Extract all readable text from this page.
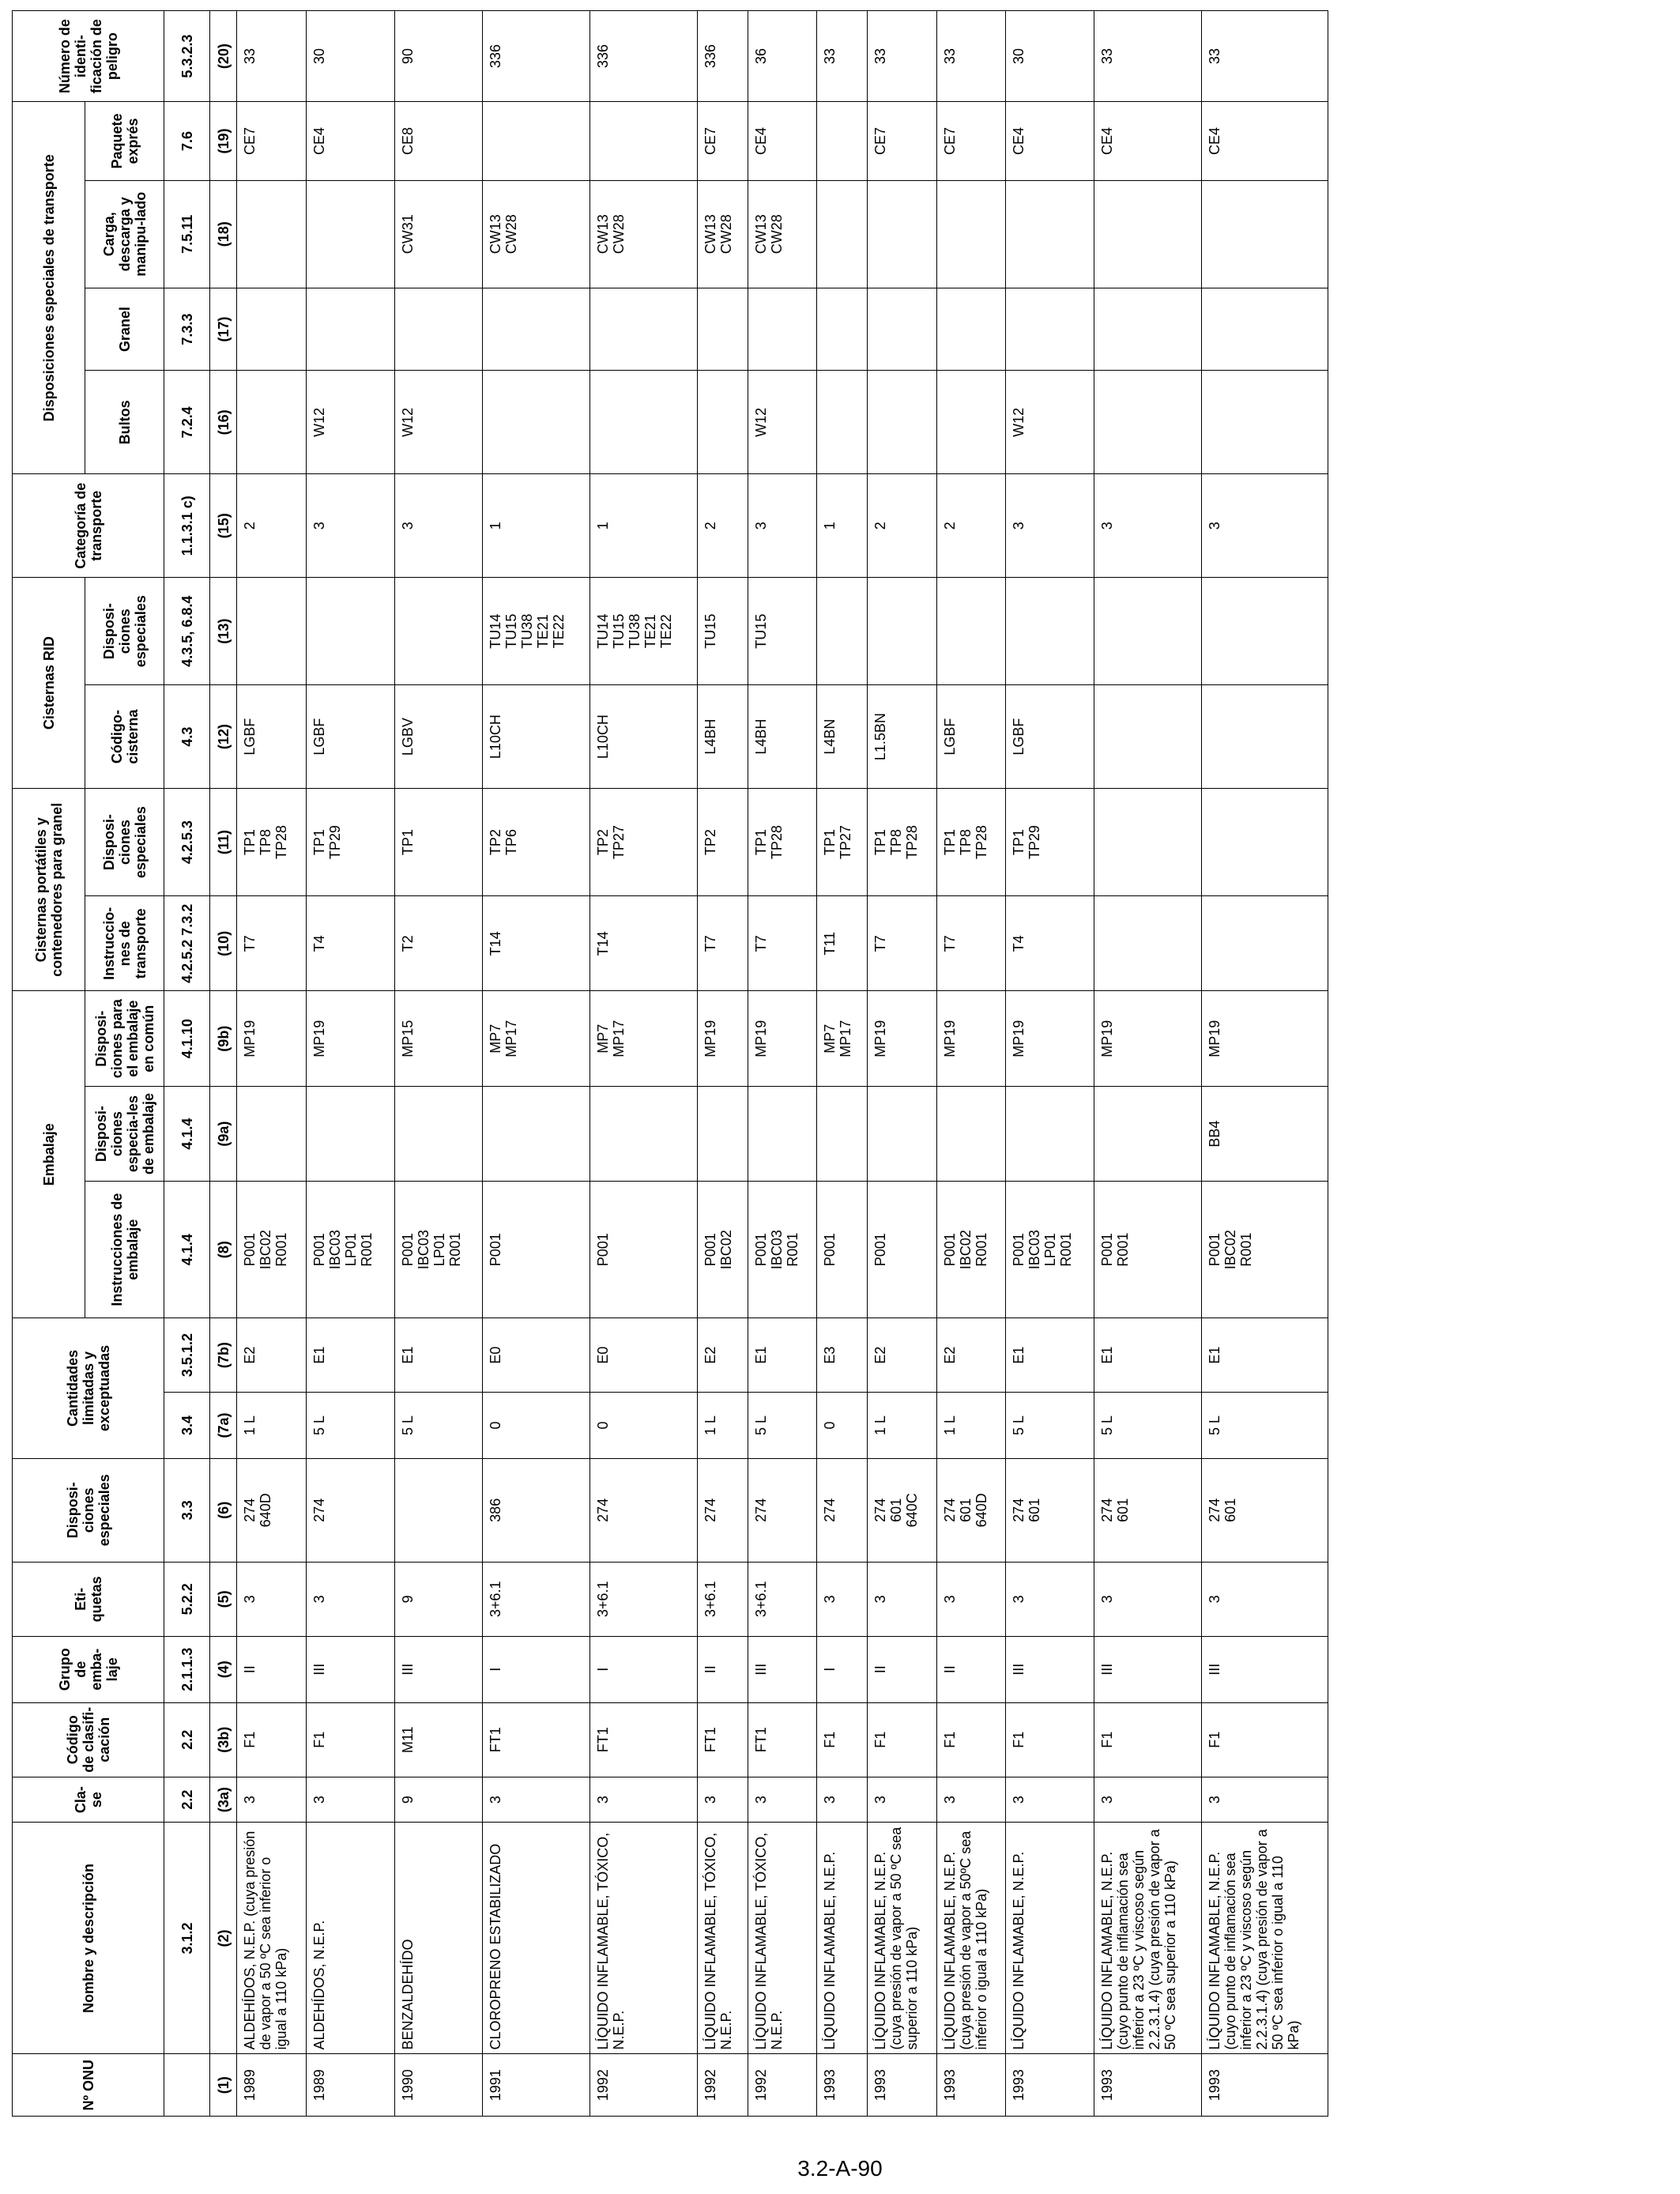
Nº ONU	Nombre y descripción	Cla-se	Código de clasifi-cación	Grupo de emba-laje	Eti-quetas	Disposi-ciones especiales	Cantidades limitadas y exceptuadas		Embalaje			Cisternas portátiles y contenedores para granel		Cisternas RID		Categoría de transporte	Disposiciones especiales de transporte				Número de identi-ficación de peligro
									Instrucciones de embalaje	Disposi-ciones especia-les de embalaje	Disposi-ciones para el embalaje en común	Instruccio-nes de transporte	Disposi-ciones especiales	Código-cisterna	Disposi-ciones especiales		Bultos	Granel	Carga, descarga y manipu-lado	Paquete exprés	
	3.1.2	2.2	2.2	2.1.1.3	5.2.2	3.3	3.4	3.5.1.2	4.1.4	4.1.4	4.1.10	4.2.5.2 7.3.2	4.2.5.3	4.3	4.3.5, 6.8.4	1.1.3.1 c)	7.2.4	7.3.3	7.5.11	7.6	5.3.2.3
(1)	(2)	(3a)	(3b)	(4)	(5)	(6)	(7a)	(7b)	(8)	(9a)	(9b)	(10)	(11)	(12)	(13)	(15)	(16)	(17)	(18)	(19)	(20)

1989	ALDEHÍDOS, N.E.P. (cuya presión de vapor a 50 ºC sea inferior o igual a 110 kPa)	3	F1	II	3	274 640D	1 L	E2	P001 IBC02 R001		MP19	T7	TP1 TP8 TP28	LGBF		2				CE7	33

1989	ALDEHÍDOS, N.E.P.	3	F1	III	3	274	5 L	E1	P001 IBC03 LP01 R001		MP19	T4	TP1 TP29	LGBF		3	W12			CE4	30

1990	BENZALDEHÍDO	9	M11	III	9		5 L	E1	P001 IBC03 LP01 R001		MP15	T2	TP1	LGBV		3	W12		CW31	CE8	90

1991	CLOROPRENO ESTABILIZADO	3	FT1	I	3+6.1	386	0	E0	P001		MP7 MP17	T14	TP2 TP6	L10CH	TU14 TU15 TU38 TE21 TE22	1			CW13 CW28		336

1992	LÍQUIDO INFLAMABLE, TÓXICO, N.E.P.	3	FT1	I	3+6.1	274	0	E0	P001		MP7 MP17	T14	TP2 TP27	L10CH	TU14 TU15 TU38 TE21 TE22	1			CW13 CW28		336

1992	LÍQUIDO INFLAMABLE, TÓXICO, N.E.P.	3	FT1	II	3+6.1	274	1 L	E2	P001 IBC02		MP19	T7	TP2	L4BH	TU15	2			CW13 CW28	CE7	336

1992	LÍQUIDO INFLAMABLE, TÓXICO, N.E.P.	3	FT1	III	3+6.1	274	5 L	E1	P001 IBC03 R001		MP19	T7	TP1 TP28	L4BH	TU15	3	W12		CW13 CW28	CE4	36

1993	LÍQUIDO INFLAMABLE, N.E.P.	3	F1	I	3	274	0	E3	P001		MP7 MP17	T11	TP1 TP27	L4BN		1					33

1993	LÍQUIDO INFLAMABLE, N.E.P. (cuya presión de vapor a 50 ºC sea superior a 110 kPa)	3	F1	II	3	274 601 640C	1 L	E2	P001		MP19	T7	TP1 TP8 TP28	L1.5BN		2				CE7	33

1993	LÍQUIDO INFLAMABLE, N.E.P. (cuya presión de vapor a 50ºC sea inferior o igual a 110 kPa)	3	F1	II	3	274 601 640D	1 L	E2	P001 IBC02 R001		MP19	T7	TP1 TP8 TP28	LGBF		2				CE7	33

1993	LÍQUIDO INFLAMABLE, N.E.P.	3	F1	III	3	274 601	5 L	E1	P001 IBC03 LP01 R001		MP19	T4	TP1 TP29	LGBF		3	W12			CE4	30

1993	LÍQUIDO INFLAMABLE, N.E.P. (cuyo punto de inflamación sea inferior a 23 ºC y viscoso según 2.2.3.1.4) (cuya presión de vapor a 50 ºC sea superior a 110 kPa)	3	F1	III	3	274 601	5 L	E1	P001 R001		MP19					3				CE4	33

1993	LÍQUIDO INFLAMABLE, N.E.P. (cuyo punto de inflamación sea inferior a 23 ºC y viscoso según 2.2.3.1.4) (cuya presión de vapor a 50 ºC sea inferior o igual a 110 kPa)	3	F1	III	3	274 601	5 L	E1	P001 IBC02 R001	BB4	MP19					3				CE4	33
3.2-A-90
